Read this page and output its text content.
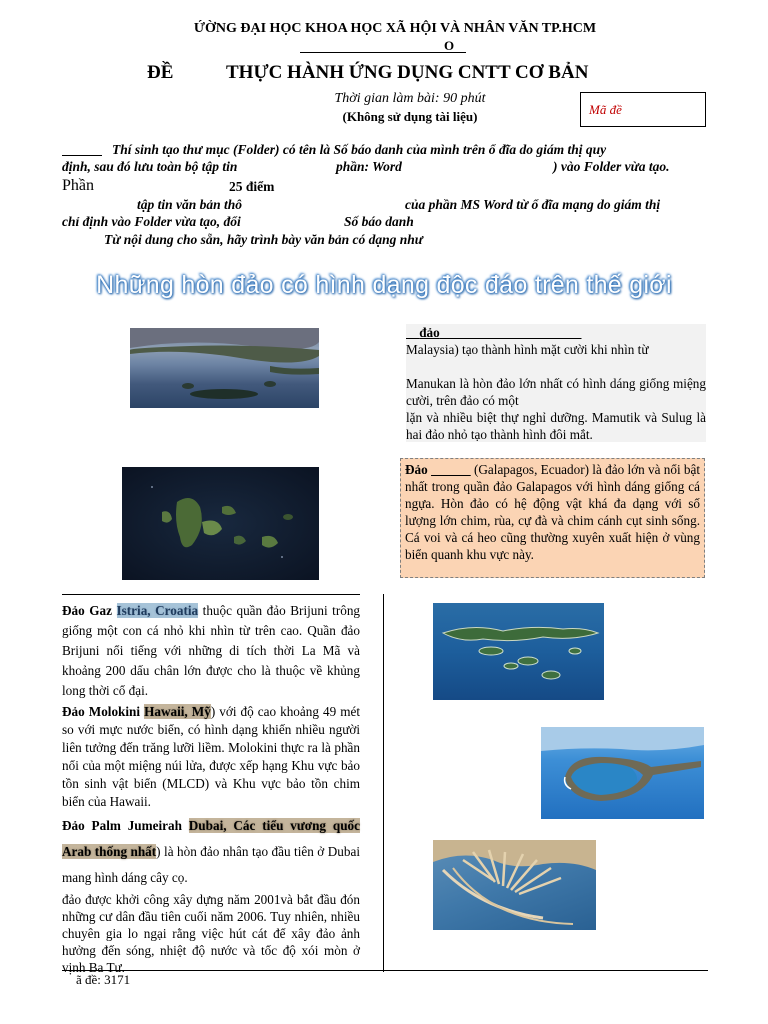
ỨỜNG ĐẠI HỌC KHOA HỌC XÃ HỘI VÀ NHÂN VĂN TP.HCM
O
ĐỀ	THỰC HÀNH ỨNG DỤNG CNTT CƠ BẢN
Thời gian làm bài: 90 phút
(Không sử dụng tài liệu)	Mã đề
Thí sinh tạo thư mục (Folder) có tên là Số báo danh của mình trên ổ đĩa do giám thị quy
định, sau đó lưu toàn bộ tập tin	phần: Word	) vào Folder vừa tạo.
Phần	25 điểm
tập tin văn bản thô	của phần MS Word từ ổ đĩa mạng do giám thị
chỉ định vào Folder vừa tạo, đổi	Số báo danh
Từ nội dung cho sẵn, hãy trình bày văn bản có dạng như
Những hòn đảo có hình dạng độc đáo trên thế giới

đảo

Malaysia) tạo thành hình mặt cười khi nhìn từ

Manukan là hòn đảo lớn nhất có hình dáng giống miệng cười, trên đảo có một

lặn và nhiều biệt thự nghỉ dưỡng. Mamutik và Sulug là hai đảo nhỏ tạo thành hình đôi mắt.

Đảo	(Galapagos, Ecuador) là đảo lớn và nổi bật nhất trong quần đảo Galapagos với hình dáng giống cá ngựa. Hòn đảo có hệ động vật khá đa dạng với số lượng lớn chim, rùa, cự đà và chim cánh cụt sinh sống. Cá voi và cá heo cũng thường xuyên xuất hiện ở vùng biển quanh khu vực này.

Đảo Gaz Istria, Croatia thuộc quần đảo Brijuni trông giống một con cá nhỏ khi nhìn từ trên cao. Quần đảo Brijuni nổi tiếng với những di tích thời La Mã và khoảng 200 dấu chân lớn được cho là thuộc về khủng long thời cổ đại.

Đảo Molokini Hawaii, Mỹ) với độ cao khoảng 49 mét so với mực nước biển, có hình dạng khiến nhiều người liên tưởng đến trăng lưỡi liềm. Molokini thực ra là phần nổi của một miệng núi lửa, được xếp hạng Khu vực bảo tồn sinh vật biển (MLCD) và Khu vực bảo tồn chim biển của Hawaii.

Đảo Palm Jumeirah Dubai, Các tiểu vương quốc Arab thống nhất) là hòn đảo nhân tạo đầu tiên ở Dubai mang hình dáng cây cọ.

đảo được khởi công xây dựng năm 2001và bắt đầu đón những cư dân đầu tiên cuối năm 2006. Tuy nhiên, nhiều chuyên gia lo ngại rằng việc hút cát để xây đảo ảnh hưởng đến sóng, nhiệt độ nước và tốc độ xói mòn ở vịnh Ba Tư.

ã đề: 3171
